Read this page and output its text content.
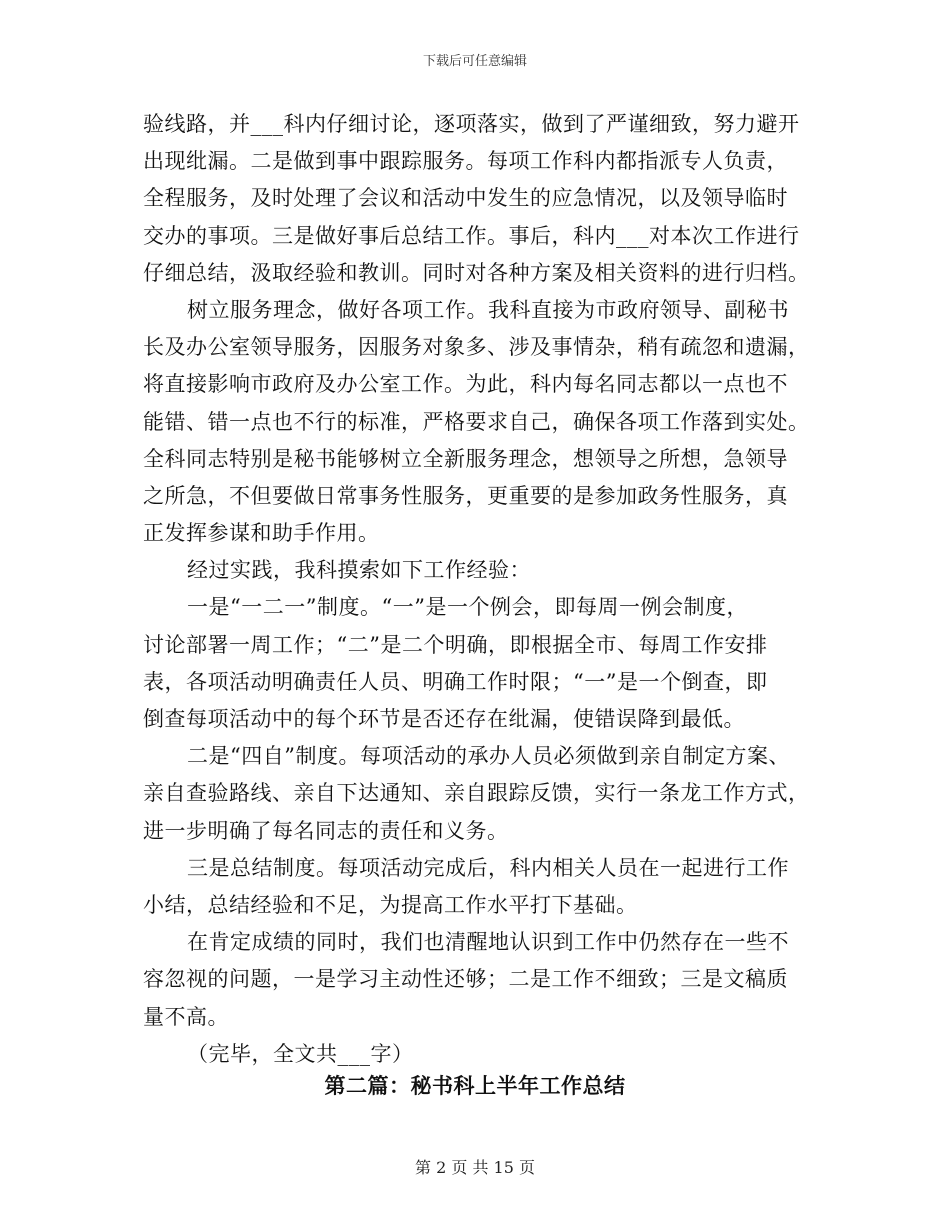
下载后可任意编辑
验线路，并___科内仔细讨论，逐项落实，做到了严谨细致，努力避开
出现纰漏。二是做到事中跟踪服务。每项工作科内都指派专人负责，
全程服务，及时处理了会议和活动中发生的应急情况，以及领导临时
交办的事项。三是做好事后总结工作。事后，科内___对本次工作进行
仔细总结，汲取经验和教训。同时对各种方案及相关资料的进行归档。
树立服务理念，做好各项工作。我科直接为市政府领导、副秘书
长及办公室领导服务，因服务对象多、涉及事情杂，稍有疏忽和遗漏，
将直接影响市政府及办公室工作。为此，科内每名同志都以一点也不
能错、错一点也不行的标准，严格要求自己，确保各项工作落到实处。
全科同志特别是秘书能够树立全新服务理念，想领导之所想，急领导
之所急，不但要做日常事务性服务，更重要的是参加政务性服务，真
正发挥参谋和助手作用。
经过实践，我科摸索如下工作经验：
一是“一二一”制度。“一”是一个例会，即每周一例会制度，
讨论部署一周工作；“二”是二个明确，即根据全市、每周工作安排
表，各项活动明确责任人员、明确工作时限；“一”是一个倒查，即
倒查每项活动中的每个环节是否还存在纰漏，使错误降到最低。
二是“四自”制度。每项活动的承办人员必须做到亲自制定方案、
亲自查验路线、亲自下达通知、亲自跟踪反馈，实行一条龙工作方式，
进一步明确了每名同志的责任和义务。
三是总结制度。每项活动完成后，科内相关人员在一起进行工作
小结，总结经验和不足，为提高工作水平打下基础。
在肯定成绩的同时，我们也清醒地认识到工作中仍然存在一些不
容忽视的问题，一是学习主动性还够；二是工作不细致；三是文稿质
量不高。
（完毕，全文共___字）
第二篇：秘书科上半年工作总结
第 2 页 共 15 页
